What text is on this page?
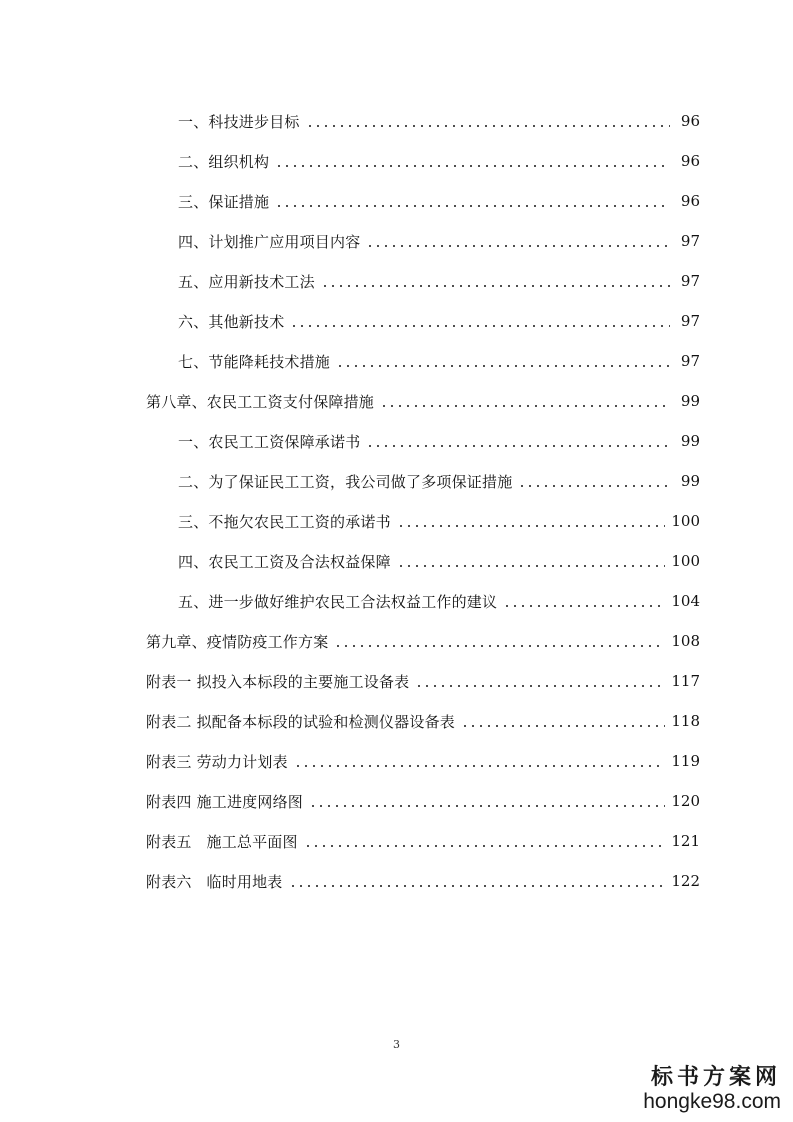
一、科技进步目标	96
二、组织机构	96
三、保证措施	96
四、计划推广应用项目内容	97
五、应用新技术工法	97
六、其他新技术	97
七、节能降耗技术措施	97
第八章、农民工工资支付保障措施	99
一、农民工工资保障承诺书	99
二、为了保证民工工资，我公司做了多项保证措施	99
三、不拖欠农民工工资的承诺书	100
四、农民工工资及合法权益保障	100
五、进一步做好维护农民工合法权益工作的建议	104
第九章、疫情防疫工作方案	108
附表一 拟投入本标段的主要施工设备表	117
附表二 拟配备本标段的试验和检测仪器设备表	118
附表三 劳动力计划表	119
附表四 施工进度网络图	120
附表五   施工总平面图	121
附表六   临时用地表	122
3
标书方案网
hongke98.com
